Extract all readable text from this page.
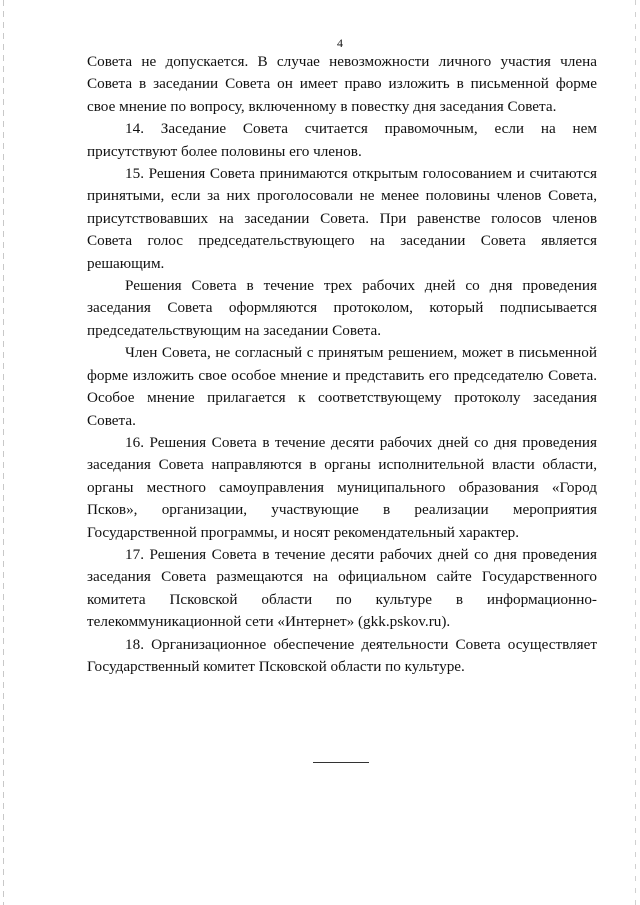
4

Совета не допускается. В случае невозможности личного участия члена Совета в заседании Совета он имеет право изложить в письменной форме свое мнение по вопросу, включенному в повестку дня заседания Совета.

14. Заседание Совета считается правомочным, если на нем присутствуют более половины его членов.

15. Решения Совета принимаются открытым голосованием и считаются принятыми, если за них проголосовали не менее половины членов Совета, присутствовавших на заседании Совета. При равенстве голосов членов Совета голос председательствующего на заседании Совета является решающим.

Решения Совета в течение трех рабочих дней со дня проведения заседания Совета оформляются протоколом, который подписывается председательствующим на заседании Совета.

Член Совета, не согласный с принятым решением, может в письменной форме изложить свое особое мнение и представить его председателю Совета. Особое мнение прилагается к соответствующему протоколу заседания Совета.

16. Решения Совета в течение десяти рабочих дней со дня проведения заседания Совета направляются в органы исполнительной власти области, органы местного самоуправления муниципального образования «Город Псков», организации, участвующие в реализации мероприятия Государственной программы, и носят рекомендательный характер.

17. Решения Совета в течение десяти рабочих дней со дня проведения заседания Совета размещаются на официальном сайте Государственного комитета Псковской области по культуре в информационно-телекоммуникационной сети «Интернет» (gkk.pskov.ru).

18. Организационное обеспечение деятельности Совета осуществляет Государственный комитет Псковской области по культуре.
